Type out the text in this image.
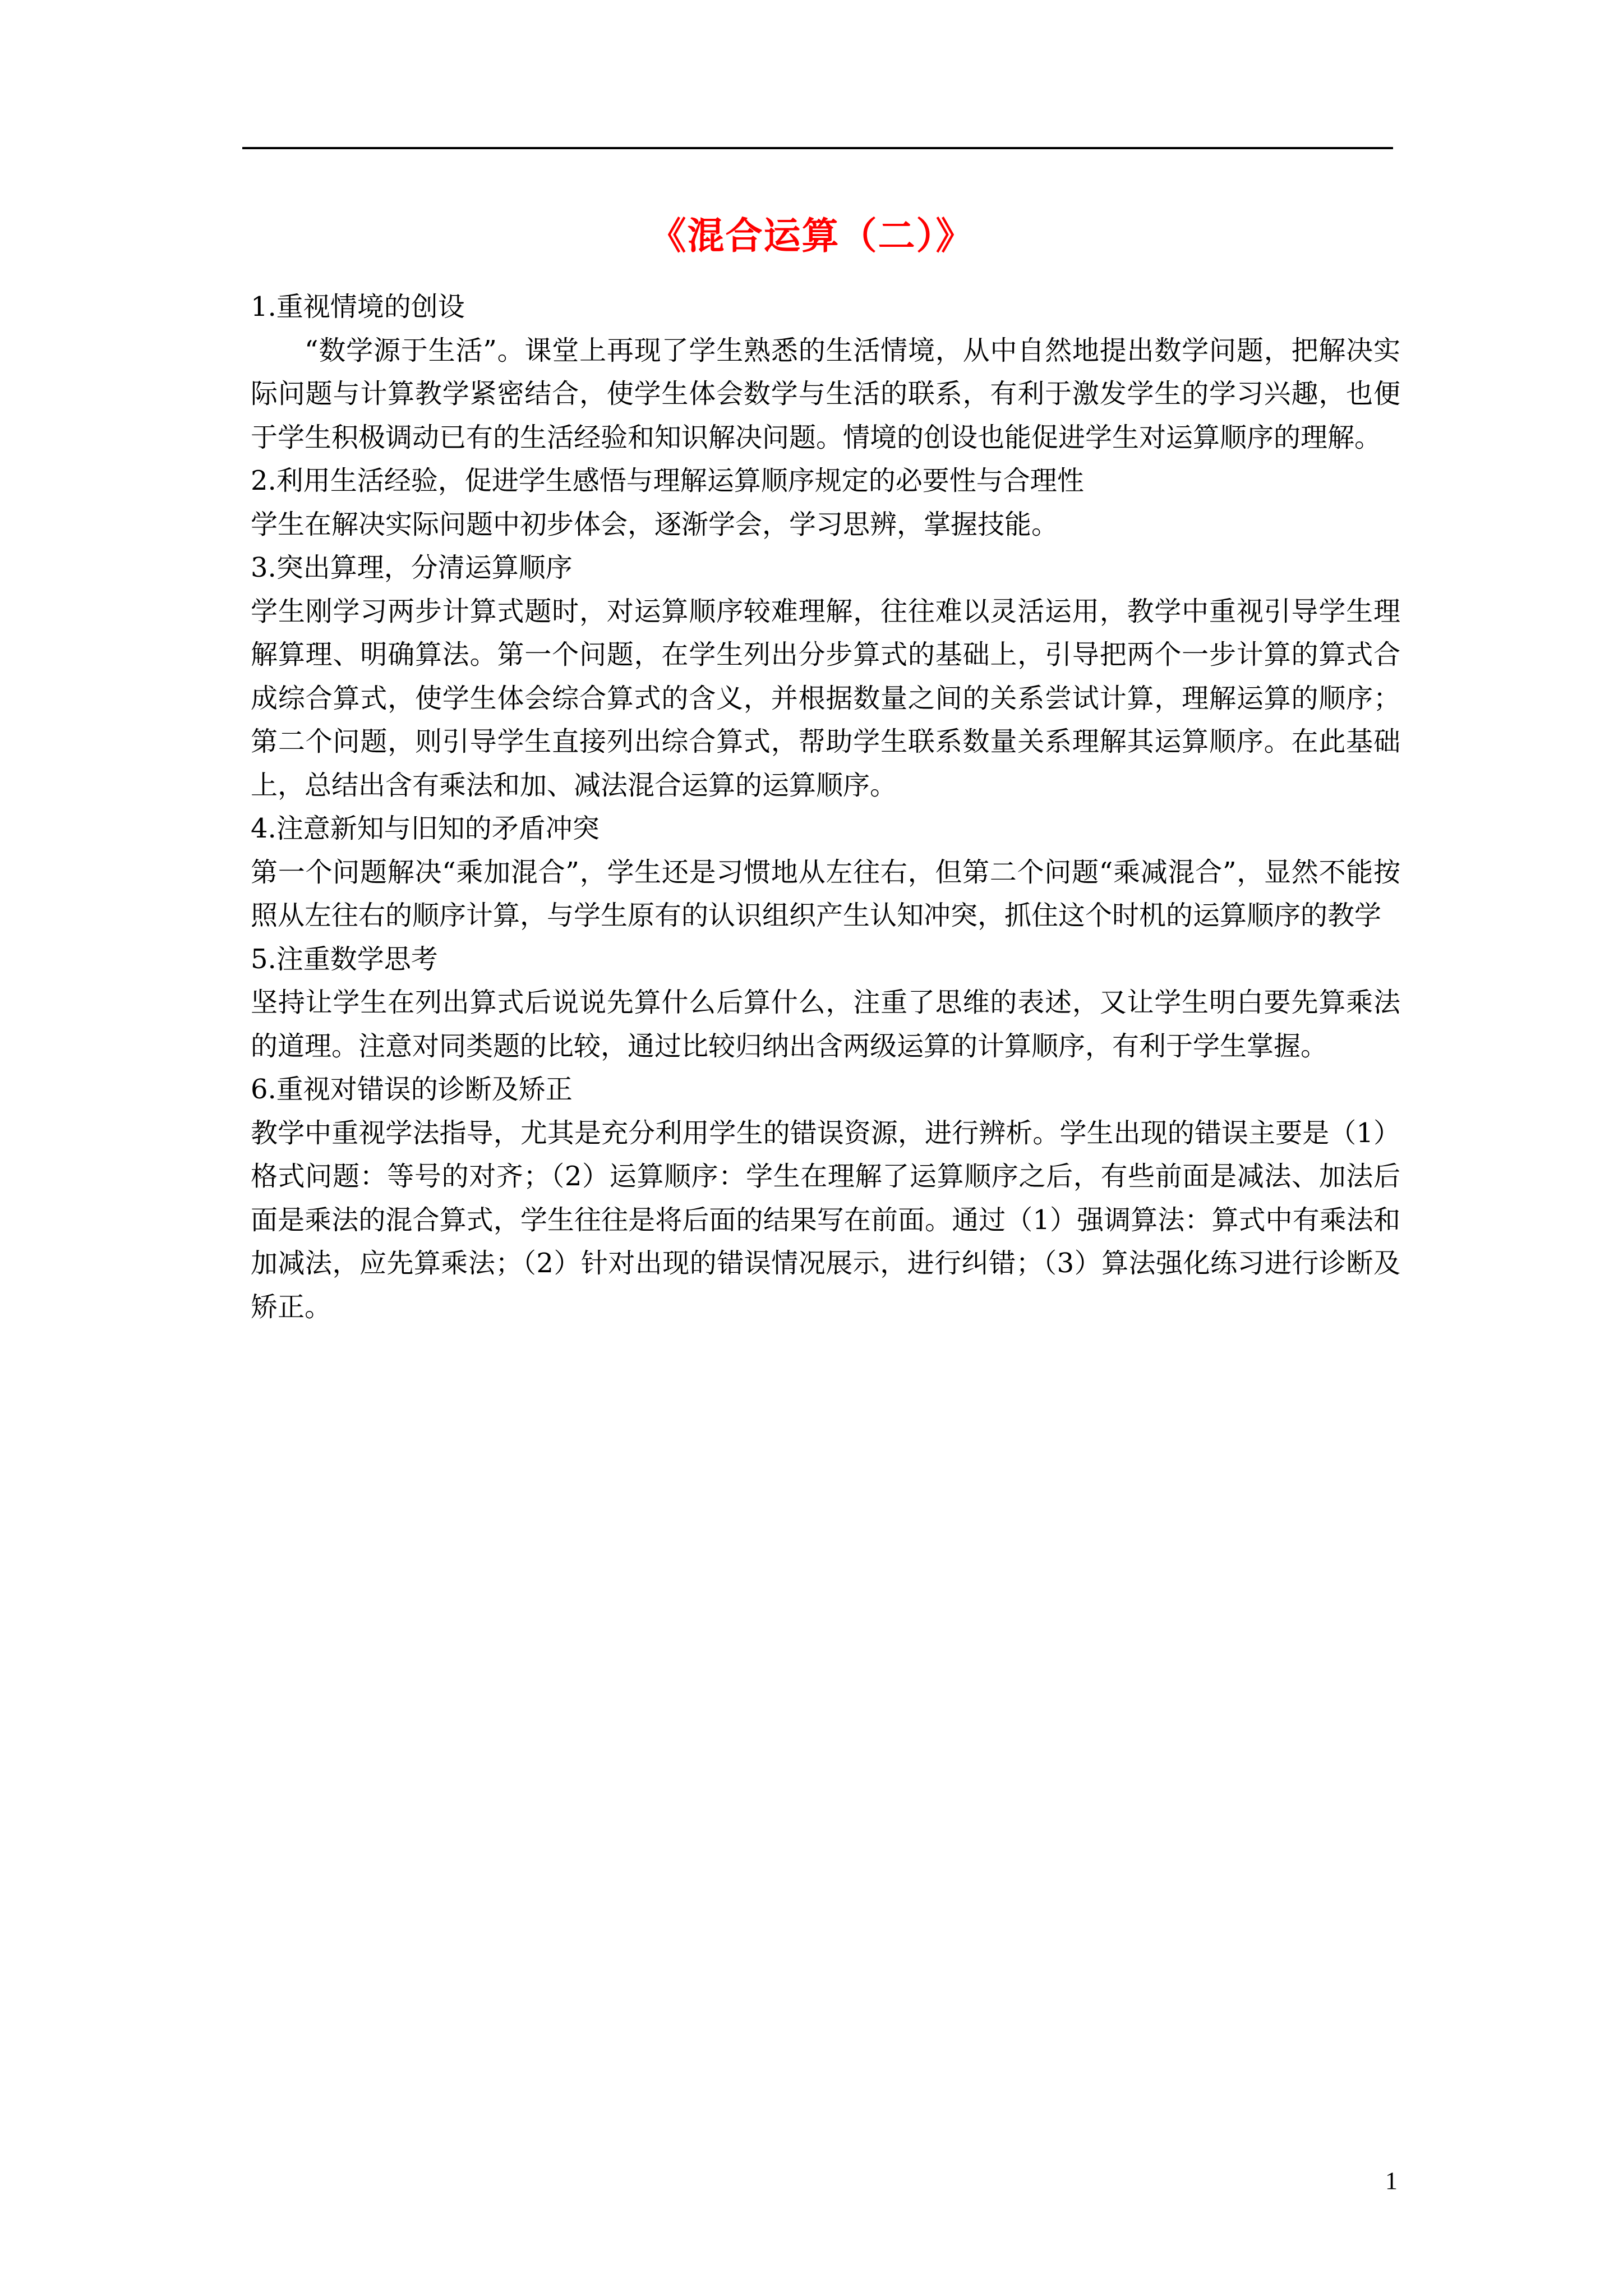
《混合运算（二）》

1.重视情境的创设

“数学源于生活”。课堂上再现了学生熟悉的生活情境，从中自然地提出数学问题，把解决实际问题与计算教学紧密结合，使学生体会数学与生活的联系，有利于激发学生的学习兴趣，也便于学生积极调动已有的生活经验和知识解决问题。情境的创设也能促进学生对运算顺序的理解。

2.利用生活经验，促进学生感悟与理解运算顺序规定的必要性与合理性

学生在解决实际问题中初步体会，逐渐学会，学习思辨，掌握技能。

3.突出算理，分清运算顺序

学生刚学习两步计算式题时，对运算顺序较难理解，往往难以灵活运用，教学中重视引导学生理解算理、明确算法。第一个问题，在学生列出分步算式的基础上，引导把两个一步计算的算式合成综合算式，使学生体会综合算式的含义，并根据数量之间的关系尝试计算，理解运算的顺序；第二个问题，则引导学生直接列出综合算式，帮助学生联系数量关系理解其运算顺序。在此基础上，总结出含有乘法和加、减法混合运算的运算顺序。

4.注意新知与旧知的矛盾冲突

第一个问题解决“乘加混合”，学生还是习惯地从左往右，但第二个问题“乘减混合”，显然不能按照从左往右的顺序计算，与学生原有的认识组织产生认知冲突，抓住这个时机的运算顺序的教学

5.注重数学思考

坚持让学生在列出算式后说说先算什么后算什么，注重了思维的表述，又让学生明白要先算乘法的道理。注意对同类题的比较，通过比较归纳出含两级运算的计算顺序，有利于学生掌握。

6.重视对错误的诊断及矫正

教学中重视学法指导，尤其是充分利用学生的错误资源，进行辨析。学生出现的错误主要是（1）格式问题：等号的对齐；（2）运算顺序：学生在理解了运算顺序之后，有些前面是减法、加法后面是乘法的混合算式，学生往往是将后面的结果写在前面。通过（1）强调算法：算式中有乘法和加减法，应先算乘法；（2）针对出现的错误情况展示，进行纠错；（3）算法强化练习进行诊断及矫正。

1
